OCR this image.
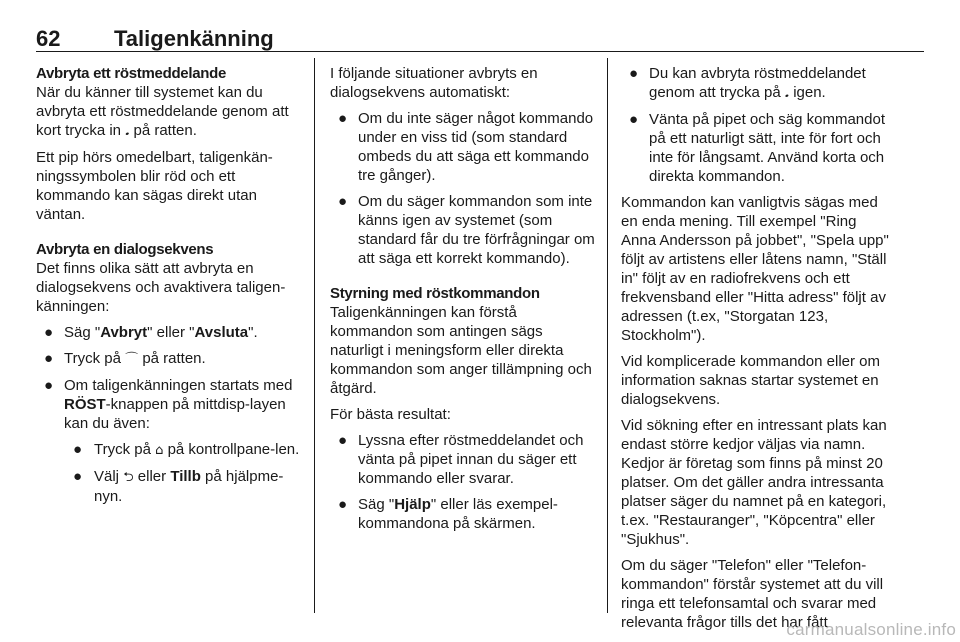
62 Taligenkänning
Avbryta ett röstmeddelande

När du känner till systemet kan du avbryta ett röstmeddelande genom att kort trycka in 𝅘 på ratten.

Ett pip hörs omedelbart, taligenkän-ningssymbolen blir röd och ett kommando kan sägas direkt utan väntan.

Avbryta en dialogsekvens

Det finns olika sätt att avbryta en dialogsekvens och avaktivera taligen-känningen:

● Säg "Avbryt" eller "Avsluta".
● Tryck på ⌒ på ratten.
● Om taligenkänningen startats med RÖST-knappen på mittdisp-layen kan du även:
● Tryck på ⌂ på kontrollpane-len.
● Välj ⮌ eller Tillb på hjälpme-nyn.

I följande situationer avbryts en dialogsekvens automatiskt:

● Om du inte säger något kommando under en viss tid (som standard ombeds du att säga ett kommando tre gånger).
● Om du säger kommandon som inte känns igen av systemet (som standard får du tre förfrågningar om att säga ett korrekt kommando).
Styrning med röstkommandon

Taligenkänningen kan förstå kommandon som antingen sägs naturligt i meningsform eller direkta kommandon som anger tillämpning och åtgärd.

För bästa resultat:

● Lyssna efter röstmeddelandet och vänta på pipet innan du säger ett kommando eller svarar.
● Säg "Hjälp" eller läs exempel-kommandona på skärmen.
● Du kan avbryta röstmeddelandet genom att trycka på 𝅘 igen.
● Vänta på pipet och säg kommandot på ett naturligt sätt, inte för fort och inte för långsamt. Använd korta och direkta kommandon.

Kommandon kan vanligtvis sägas med en enda mening. Till exempel "Ring Anna Andersson på jobbet", "Spela upp" följt av artistens eller låtens namn, "Ställ in" följt av en radiofrekvens och ett frekvensband eller "Hitta adress" följt av adressen (t.ex, "Storgatan 123, Stockholm").

Vid komplicerade kommandon eller om information saknas startar systemet en dialogsekvens.

Vid sökning efter en intressant plats kan endast större kedjor väljas via namn. Kedjor är företag som finns på minst 20 platser. Om det gäller andra intressanta platser säger du namnet på en kategori, t.ex. "Restauranger", "Köpcentra" eller "Sjukhus".

Om du säger "Telefon" eller "Telefon-kommandon" förstår systemet att du vill ringa ett telefonsamtal och svarar med relevanta frågor tills det har fått

carmanualsonline.info
